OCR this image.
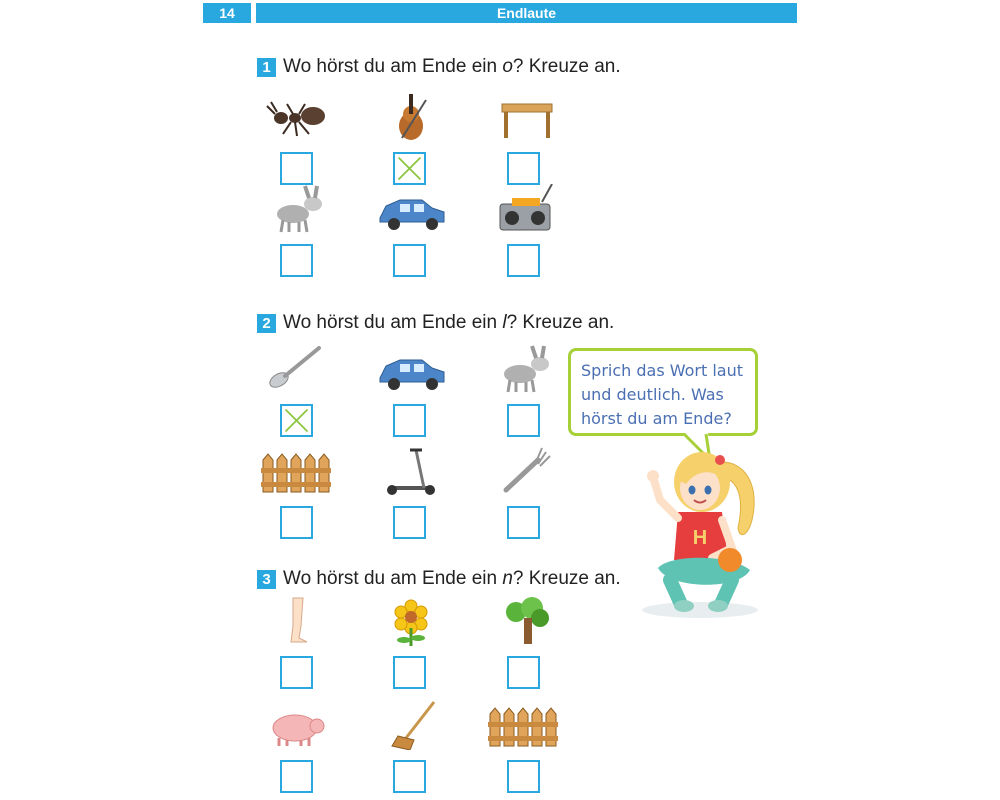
14	Endlaute
1 Wo hörst du am Ende ein o? Kreuze an.
2 Wo hörst du am Ende ein l? Kreuze an.
3 Wo hörst du am Ende ein n? Kreuze an.
Sprich das Wort laut
und deutlich. Was
hörst du am Ende?
H
